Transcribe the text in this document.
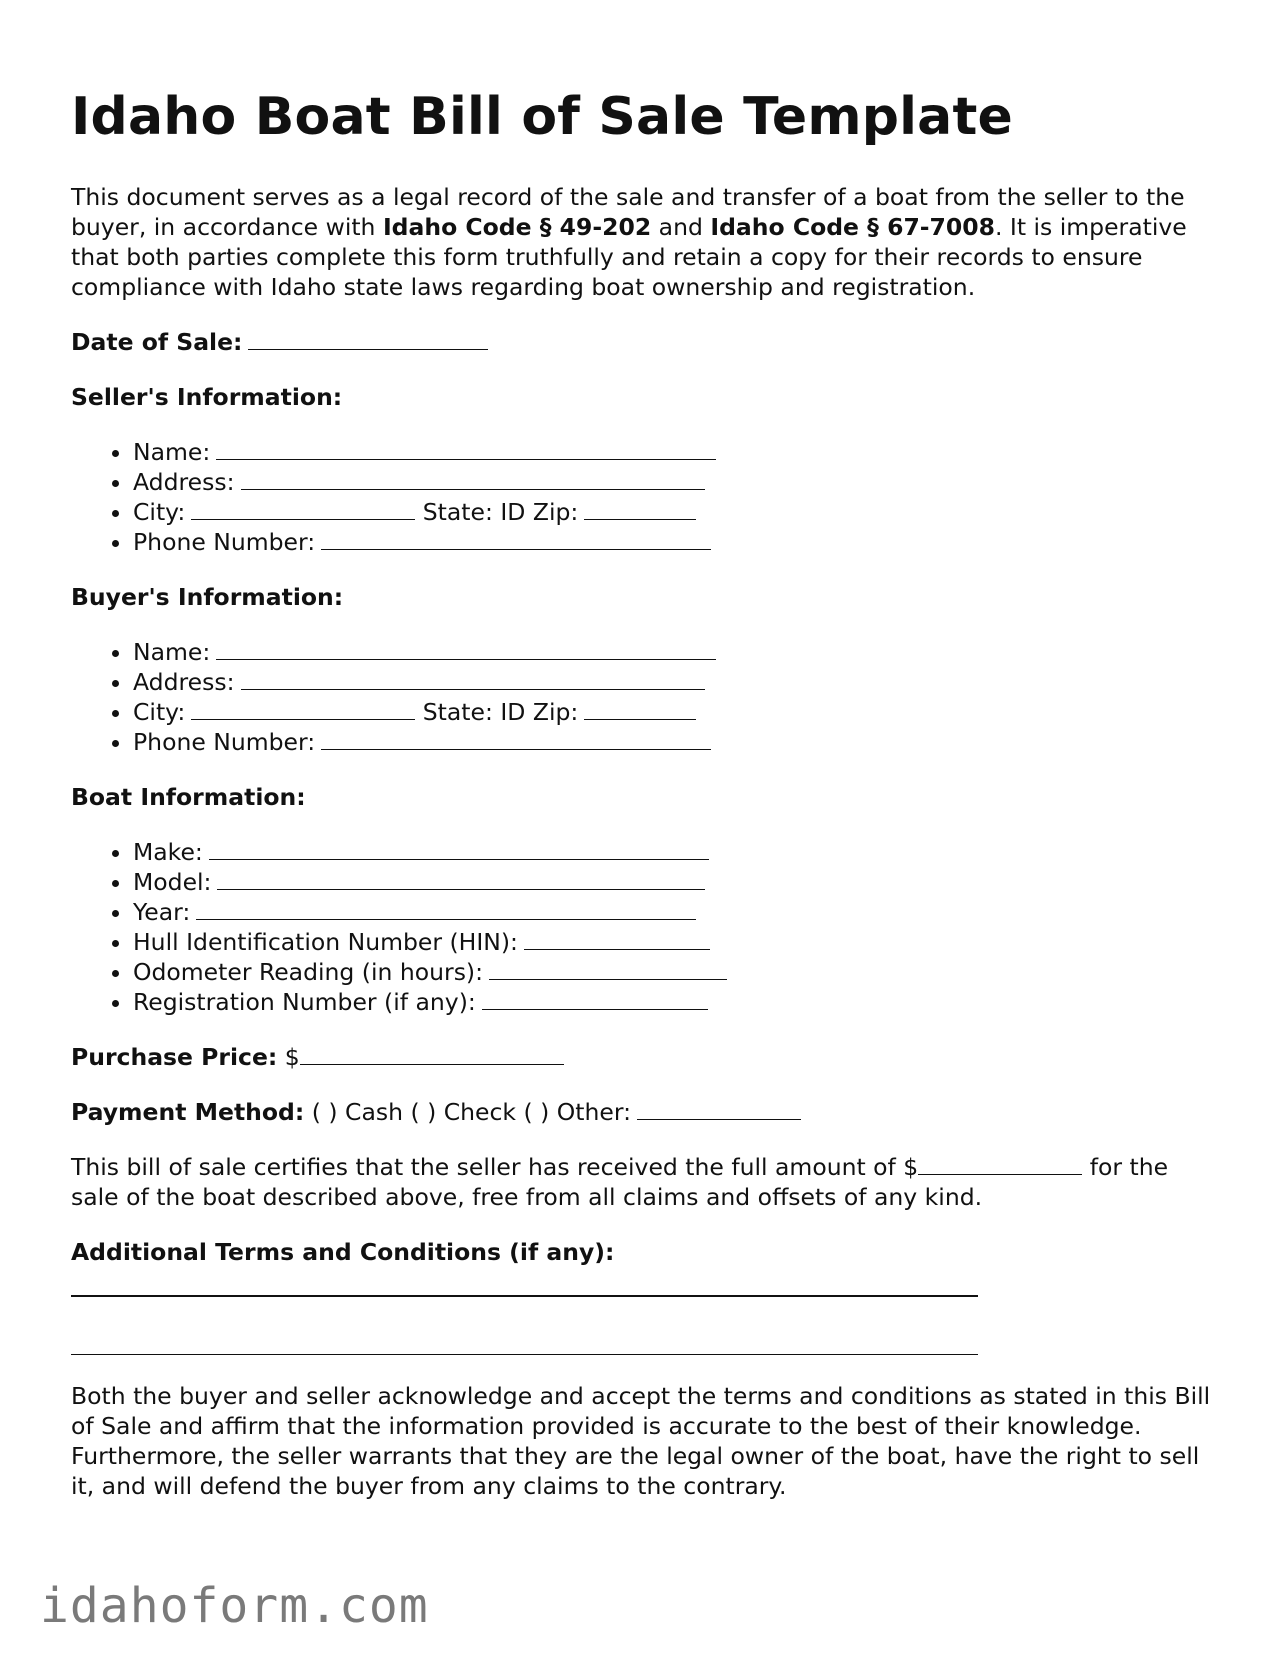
Idaho Boat Bill of Sale Template

This document serves as a legal record of the sale and transfer of a boat from the seller to the buyer, in accordance with Idaho Code § 49-202 and Idaho Code § 67-7008. It is imperative that both parties complete this form truthfully and retain a copy for their records to ensure compliance with Idaho state laws regarding boat ownership and registration.

Date of Sale:
Seller's Information:
• Name:
• Address:
• City:	State: ID Zip:
• Phone Number:
Buyer's Information:
• Name:
• Address:
• City:	State: ID Zip:
• Phone Number:
Boat Information:
• Make:
• Model:
• Year:
• Hull Identification Number (HIN):
• Odometer Reading (in hours):
• Registration Number (if any):
Purchase Price: $
Payment Method: ( ) Cash ( ) Check ( ) Other:

This bill of sale certifies that the seller has received the full amount of $	for the sale of the boat described above, free from all claims and offsets of any kind.

Additional Terms and Conditions (if any):

Both the buyer and seller acknowledge and accept the terms and conditions as stated in this Bill of Sale and affirm that the information provided is accurate to the best of their knowledge. Furthermore, the seller warrants that they are the legal owner of the boat, have the right to sell it, and will defend the buyer from any claims to the contrary.

idahoform.com
